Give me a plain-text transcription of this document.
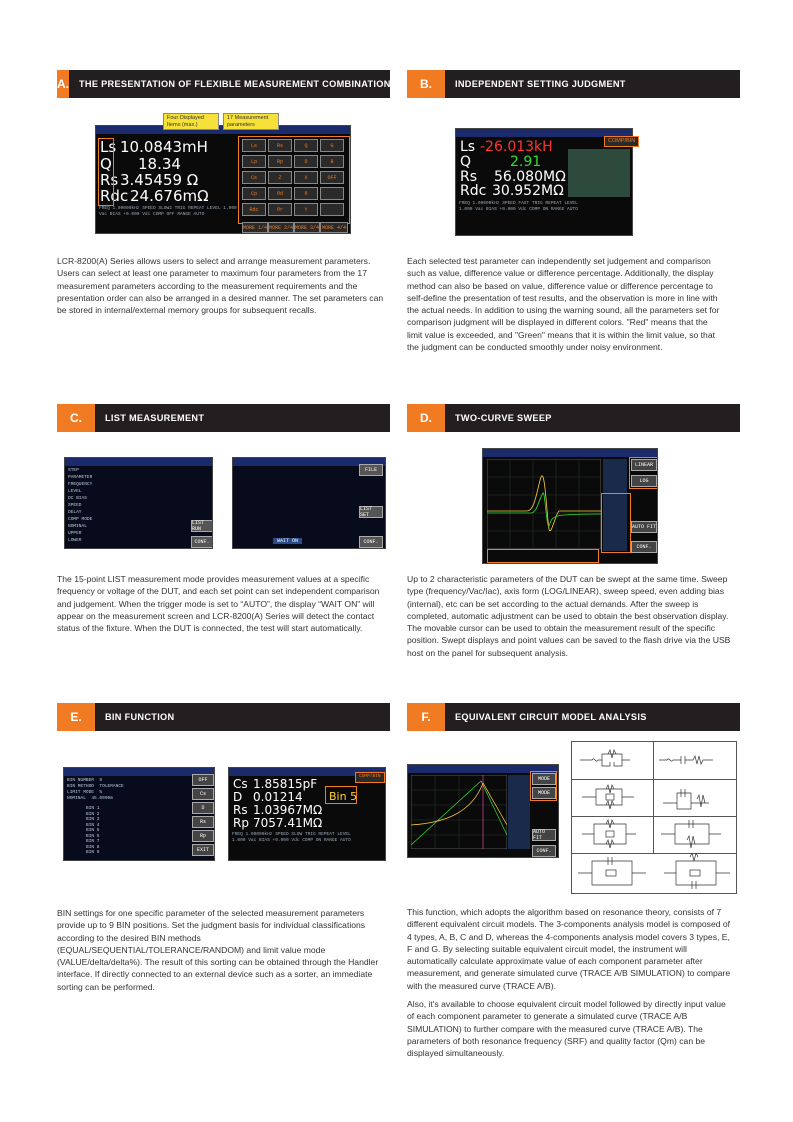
A. THE PRESENTATION OF FLEXIBLE MEASUREMENT COMBINATIONS
Ls 10.0843mH
Q 18.34
Rs 3.45459 Ω
Rdc 24.676mΩ
Ls	Rs	Q	G
Lp	Rp	D	B
Cs	Z	X	OFF
Cp	θd	θ
Rdc	θr	Y
FREQ 1.00000kHz SPEED SLOW2 TRIG REPEAT LEVEL 1.000 Vac BIAS +0.000 Vdc COMP OFF RANGE AUTO
MORE 1/4 MORE 2/4 MORE 3/4 MORE 4/4
Four Displayed Items (max.)
17 Measurement parameters
LCR-8200(A) Series allows users to select and arrange measurement parameters. Users can select at least one parameter to maximum four parameters from the 17 measurement parameters according to the measurement requirements and the presentation order can also be arranged in a desired manner. The set parameters can be stored in internal/external memory groups for subsequent recalls.
B.	INDEPENDENT SETTING JUDGMENT
Ls -26.013kH
Q	2.91
Rs 56.080MΩ
Rdc 30.952MΩ
FREQ 1.00000kHz SPEED FAST TRIG REPEAT LEVEL 1.000 Vac BIAS +0.000 Vdc COMP ON RANGE AUTO
COMP/BIN
Each selected test parameter can independently set judgement and comparison such as value, difference value or difference percentage. Additionally, the display method can also be based on value, difference value or difference percentage to self-define the presentation of test results, and the observation is more in line with the actual needs. In addition to using the warning sound, all the parameters set for comparison judgment will be displayed in different colors. "Red" means that the limit value is exceeded, and "Green" means that it is within the limit value, so that the judgment can be conducted smoothly under noisy environment.
C.	LIST MEASUREMENT
STEP
PARAMETER
FREQUENCY
LEVEL
DC BIAS
SPEED
DELAY
COMP MODE
NOMINAL
UPPER
LOWER
LIST RUN
CONF.
FILE
LIST SET
CONF.
WAIT ON
The 15-point LIST measurement mode provides measurement values at a specific frequency or voltage of the DUT, and each set point can set independent comparison and judgement. When the trigger mode is set to “AUTO”, the display “WAIT ON” will appear on the measurement screen and LCR-8200(A) Series will detect the contact status of the fixture. When the DUT is connected, the test will start automatically.
D.	TWO-CURVE SWEEP
LINEAR
LOG
AUTO FIT
CONF.
Up to 2 characteristic parameters of the DUT can be swept at the same time. Sweep type (frequency/Vac/Iac), axis form (LOG/LINEAR), sweep speed, even adding bias (internal), etc can be set according to the actual demands. After the sweep is completed, automatic adjustment can be used to obtain the best observation display. The movable cursor can be used to obtain the measurement result of the specific position. Swept displays and point values can be saved to the flash drive via the USB host on the panel for subsequent analysis.
E.	BIN FUNCTION
BIN NUMBER 9
BIN METHOD TOLERANCE
LIMIT MODE %
NOMINAL 45.0000m
BIN 1
BIN 2
BIN 3
BIN 4
BIN 5
BIN 6
BIN 7
BIN 8
BIN 9
OFF
Cs
D
Rs
Rp
EXIT
Cs 1.85815pF
D 0.01214
Rs 1.03967MΩ
Rp 7057.41MΩ
Bin 5
COMP/BIN
FREQ 1.00000kHz SPEED SLOW TRIG REPEAT LEVEL 1.000 Vac BIAS +0.000 Vdc COMP ON RANGE AUTO
BIN settings for one specific parameter of the selected measurement parameters provide up to 9 BIN positions. Set the judgment basis for individual classifications according to the desired BIN methods (EQUAL/SEQUENTIAL/TOLERANCE/RANDOM) and limit value mode (VALUE/delta/delta%). The result of this sorting can be obtained through the Handler interface. If directly connected to an external device such as a sorter, an immediate sorting can be performed.
F.	EQUIVALENT CIRCUIT MODEL ANALYSIS
MODE
MODE
AUTO FIT
CONF.

This function, which adopts the algorithm based on resonance theory, consists of 7 different equivalent circuit models. The 3-components analysis model is composed of 4 types, A, B, C and D, whereas the 4-components analysis model covers 3 types, E, F and G. By selecting suitable equivalent circuit model, the instrument will automatically calculate approximate value of each component parameter after measurement, and generate simulated curve (TRACE A/B SIMULATION) to compare with the measured curve (TRACE A/B).

Also, it's available to choose equivalent circuit model followed by directly input value of each component parameter to generate a simulated curve (TRACE A/B SIMULATION) to further compare with the measured curve (TRACE A/B). The parameters of both resonance frequency (SRF) and quality factor (Qm) can be displayed simultaneously.
